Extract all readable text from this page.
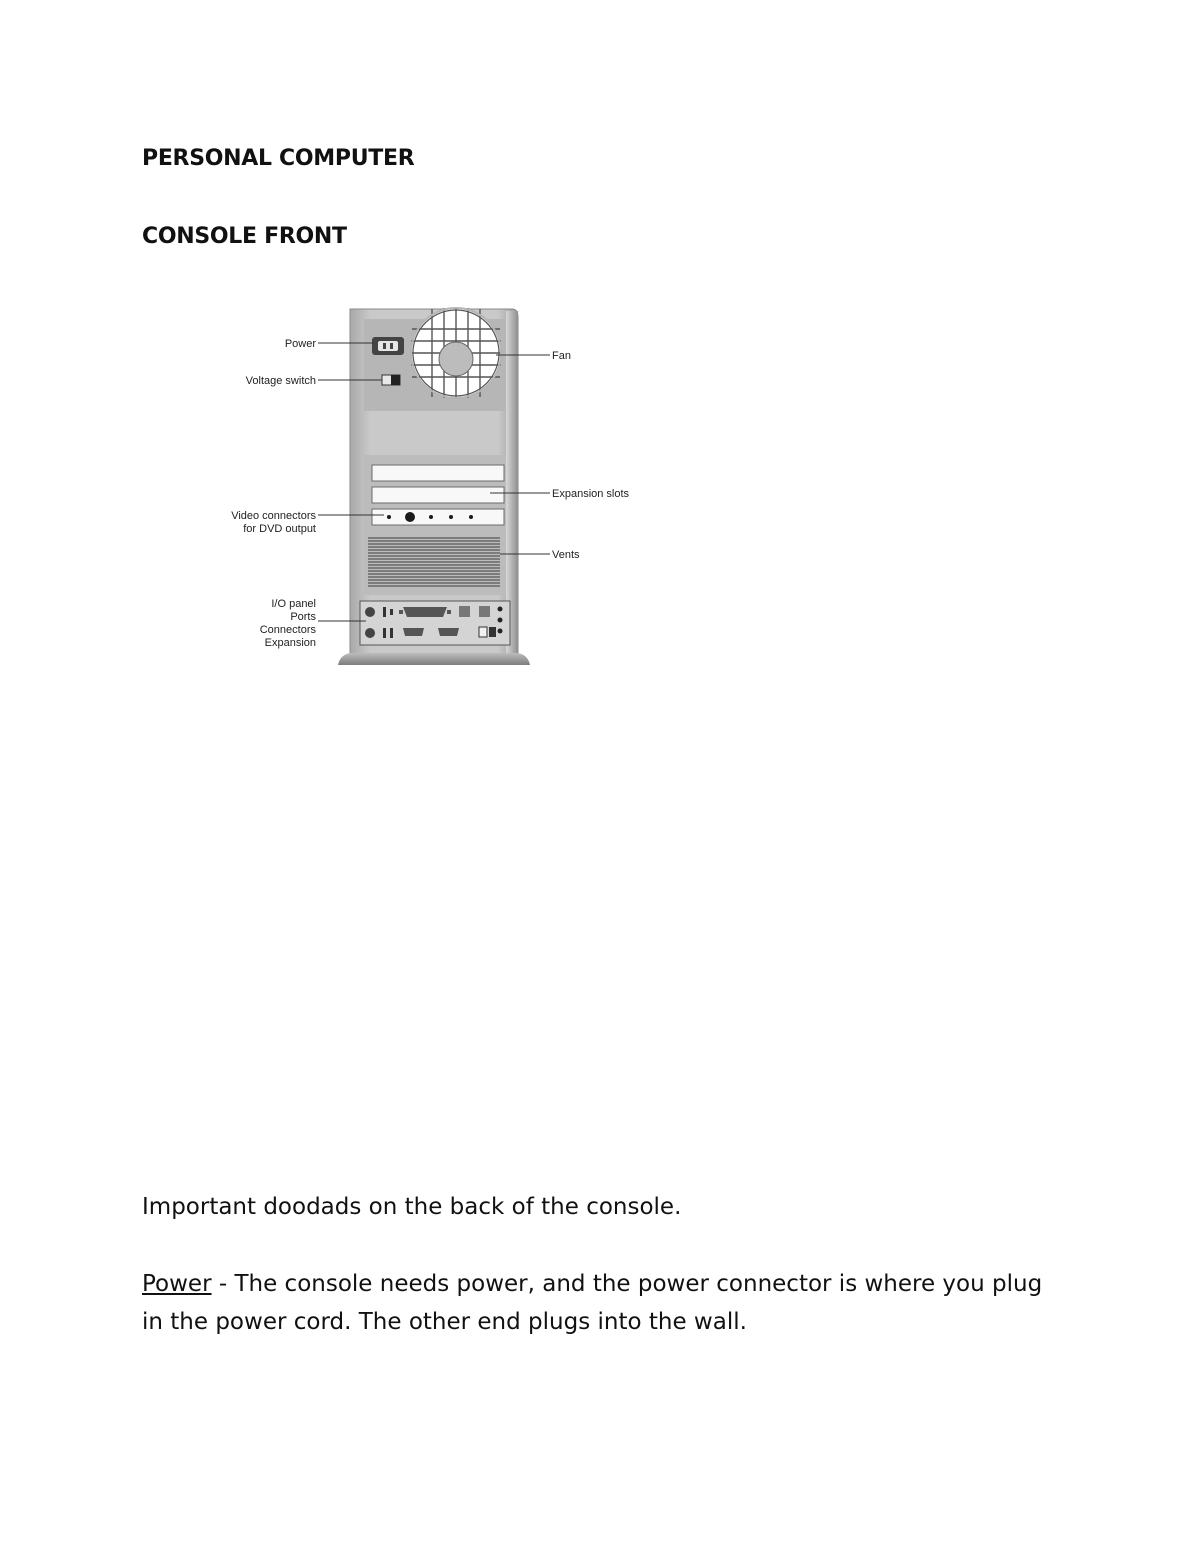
PERSONAL COMPUTER
CONSOLE FRONT
Power
Voltage switch
Fan
Expansion slots
Video connectors
for DVD output
Vents
I/O panel
Ports
Connectors
Expansion

Important doodads on the back of the console.

Power - The console needs power, and the power connector is where you plug in the power cord. The other end plugs into the wall.
